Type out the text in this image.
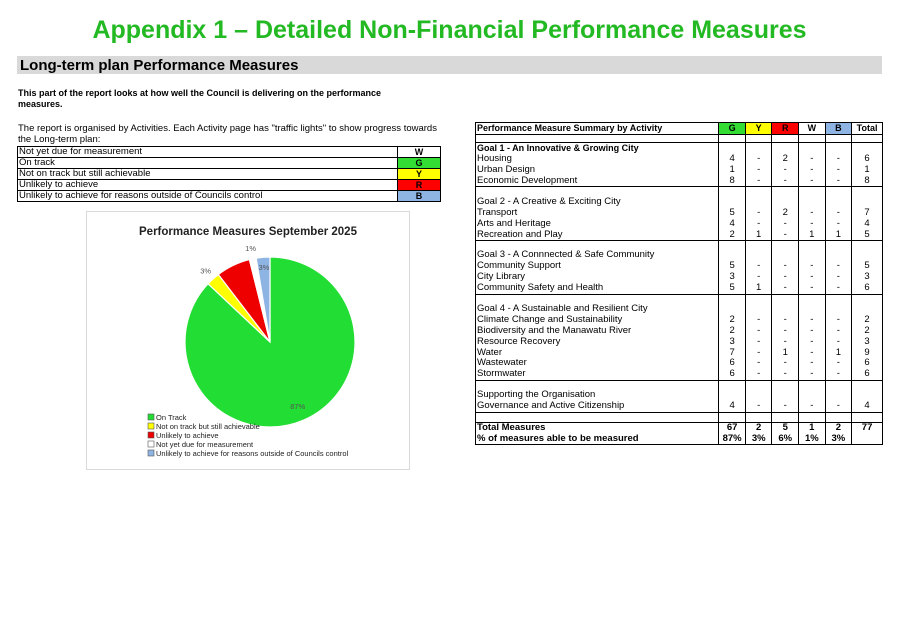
Appendix 1 – Detailed Non-Financial Performance Measures
Long-term plan Performance Measures
This part of the report looks at how well the Council is delivering on the performance measures.
The report is organised by Activities. Each Activity page has "traffic lights" to show progress towards the Long-term plan:
Not yet due for measurement	W
On track	G
Not on track but still achievable	Y
Unlikely to achieve	R
Unlikely to achieve for reasons outside of Councils control	B
Performance Measures September 2025
87%
3%
1%
3%
On Track
Not on track but still achievable
Unlikely to achieve
Not yet due for measurement
Unlikely to achieve for reasons outside of Councils control
Performance Measure Summary by Activity	G	Y	R	W	B	Total

Goal 1 - An Innovative & Growing City						
Housing	4	-	2	-	-	6
Urban Design	1	-	-	-	-	1
Economic Development	8	-	-	-	-	8

Goal 2 - A Creative & Exciting City						
Transport	5	-	2	-	-	7
Arts and Heritage	4	-	-	-	-	4
Recreation and Play	2	1	-	1	1	5

Goal 3 - A Connnected & Safe Community						
Community Support	5	-	-	-	-	5
City Library	3	-	-	-	-	3
Community Safety and Health	5	1	-	-	-	6

Goal 4 - A Sustainable and Resilient City						
Climate Change and Sustainability	2	-	-	-	-	2
Biodiversity and the Manawatu River	2	-	-	-	-	2
Resource Recovery	3	-	-	-	-	3
Water	7	-	1	-	1	9
Wastewater	6	-	-	-	-	6
Stormwater	6	-	-	-	-	6

Supporting the Organisation						
Governance and Active Citizenship	4	-	-	-	-	4

Total Measures	67	2	5	1	2	77
% of measures able to be measured	87%	3%	6%	1%	3%	
